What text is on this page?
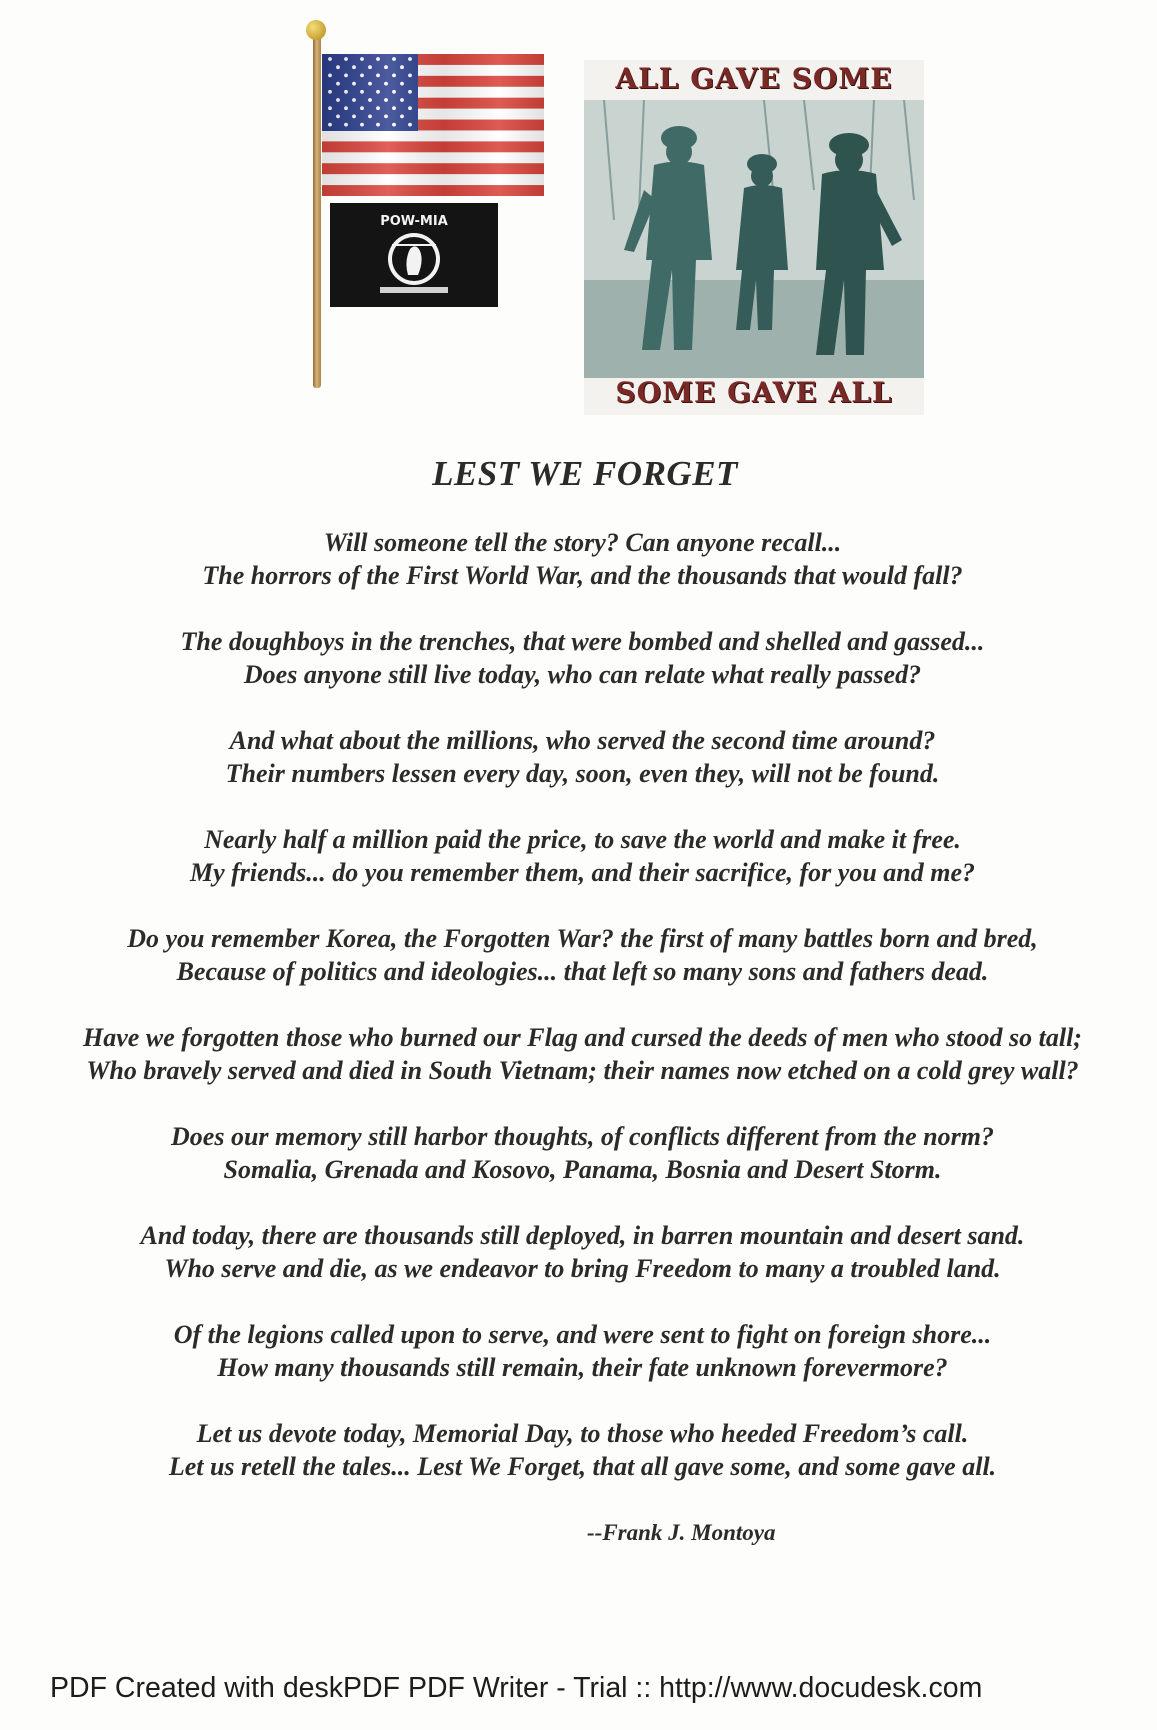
POW-MIA
ALL GAVE SOME
SOME GAVE ALL
LEST WE FORGET
Will someone tell the story? Can anyone recall...
The horrors of the First World War, and the thousands that would fall?
The doughboys in the trenches, that were bombed and shelled and gassed...
Does anyone still live today, who can relate what really passed?
And what about the millions, who served the second time around?
Their numbers lessen every day, soon, even they, will not be found.
Nearly half a million paid the price, to save the world and make it free.
My friends... do you remember them, and their sacrifice, for you and me?
Do you remember Korea, the Forgotten War? the first of many battles born and bred,
Because of politics and ideologies... that left so many sons and fathers dead.
Have we forgotten those who burned our Flag and cursed the deeds of men who stood so tall;
Who bravely served and died in South Vietnam; their names now etched on a cold grey wall?
Does our memory still harbor thoughts, of conflicts different from the norm?
Somalia, Grenada and Kosovo, Panama, Bosnia and Desert Storm.
And today, there are thousands still deployed, in barren mountain and desert sand.
Who serve and die, as we endeavor to bring Freedom to many a troubled land.
Of the legions called upon to serve, and were sent to fight on foreign shore...
How many thousands still remain, their fate unknown forevermore?
Let us devote today, Memorial Day, to those who heeded Freedom’s call.
Let us retell the tales... Lest We Forget, that all gave some, and some gave all.
--Frank J. Montoya
PDF Created with deskPDF PDF Writer - Trial :: http://www.docudesk.com
